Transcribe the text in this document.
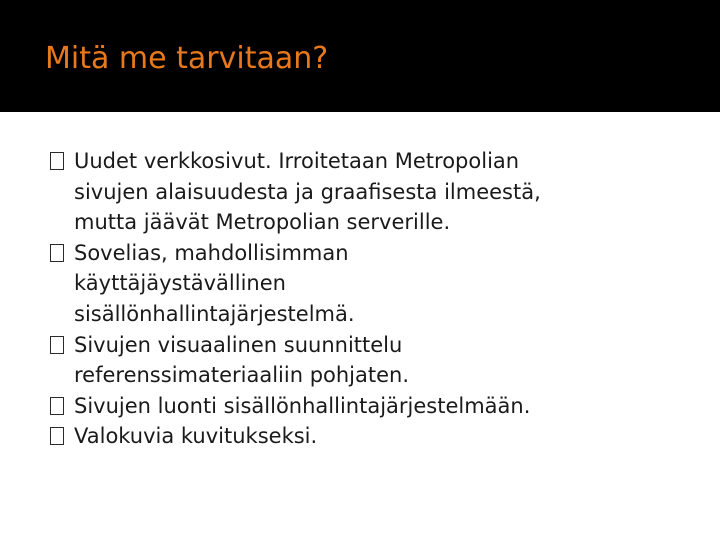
Mitä me tarvitaan?
Uudet verkkosivut. Irroitetaan Metropolian
sivujen alaisuudesta ja graafisesta ilmeestä,
mutta jäävät Metropolian serverille.
Sovelias, mahdollisimman
käyttäjäystävällinen
sisällönhallintajärjestelmä.
Sivujen visuaalinen suunnittelu
referenssimateriaaliin pohjaten.
Sivujen luonti sisällönhallintajärjestelmään.
Valokuvia kuvitukseksi.
